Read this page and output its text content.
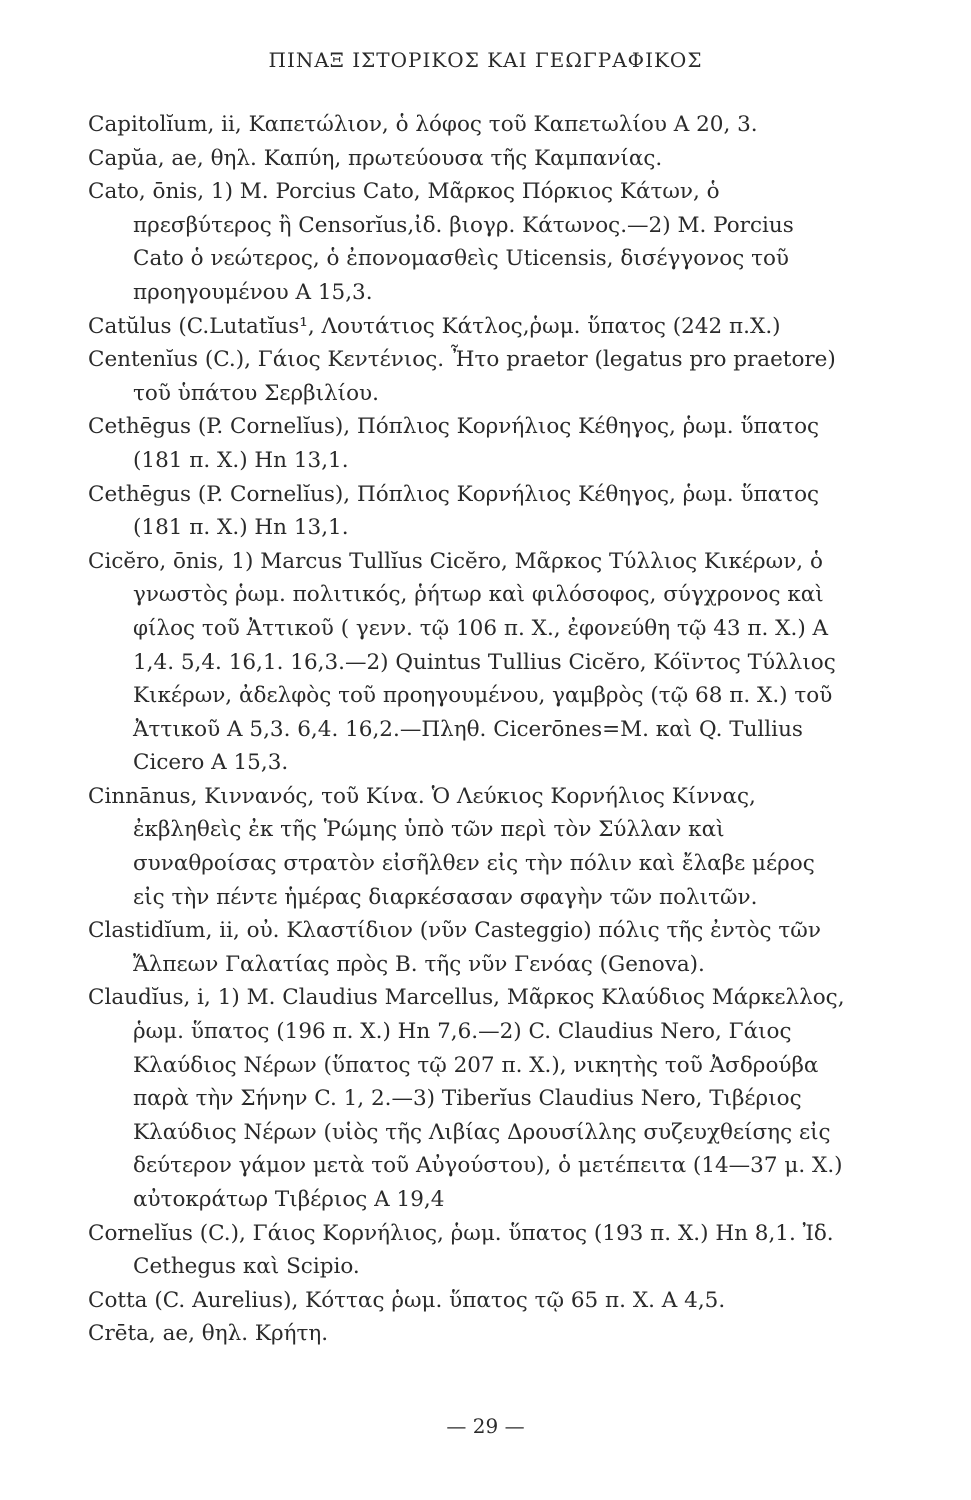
ΠΙΝΑΞ ΙΣΤΟΡΙΚΟΣ ΚΑΙ ΓΕΩΓΡΑΦΙΚΟΣ

Capitolĭum, ii, Καπετώλιον, ὁ λόφος τοῦ Καπετωλίου Α 20, 3.

Capŭa, ae, θηλ. Καπύη, πρωτεύουσα τῆς Καμπανίας.

Cato, ōnis, 1) M. Porcius Cato, Μᾶρκος Πόρκιος Κάτων, ὁ πρεσβύτερος ἢ Censorĭus,ἰδ. βιογρ. Κάτωνος.—2) M. Porcius Cato ὁ νεώτερος, ὁ ἐπονομασθεὶς Uticensis, δισέγγονος τοῦ προηγουμένου Α 15,3.

Catŭlus (C.Lutatĭus¹, Λουτάτιος Κάτλος,ῥωμ. ὕπατος (242 π.Χ.)

Centenĭus (C.), Γάιος Κεντένιος. Ἦτο praetor (legatus pro praetore) τοῦ ὑπάτου Σερβιλίου.

Cethēgus (P. Cornelĭus), Πόπλιος Κορνήλιος Κέθηγος, ῥωμ. ὕπατος (181 π. Χ.) Hn 13,1.

Cethēgus (P. Cornelĭus), Πόπλιος Κορνήλιος Κέθηγος, ῥωμ. ὕπατος (181 π. Χ.) Hn 13,1.

Cicĕro, ōnis, 1) Marcus Tullĭus Cicĕro, Μᾶρκος Τύλλιος Κικέρων, ὁ γνωστὸς ῥωμ. πολιτικός, ῥήτωρ καὶ φιλόσοφος, σύγχρονος καὶ φίλος τοῦ Ἀττικοῦ ( γενν. τῷ 106 π. Χ., ἐφονεύθη τῷ 43 π. Χ.) Α 1,4. 5,4. 16,1. 16,3.—2) Quintus Tullius Cicĕro, Κόϊντος Τύλλιος Κικέρων, ἀδελφὸς τοῦ προηγουμένου, γαμβρὸς (τῷ 68 π. Χ.) τοῦ Ἀττικοῦ Α 5,3. 6,4. 16,2.—Πληθ. Cicerōnes=M. καὶ Q. Tullius Cicero Α 15,3.

Cinnānus, Κιννανός, τοῦ Κίνα. Ὁ Λεύκιος Κορνήλιος Κίννας, ἐκβληθεὶς ἐκ τῆς Ῥώμης ὑπὸ τῶν περὶ τὸν Σύλλαν καὶ συναθροίσας στρατὸν εἰσῆλθεν εἰς τὴν πόλιν καὶ ἔλαβε μέρος εἰς τὴν πέντε ἡμέρας διαρκέσασαν σφαγὴν τῶν πολιτῶν.

Clastidĭum, ii, οὐ. Κλαστίδιον (νῦν Casteggio) πόλις τῆς ἐντὸς τῶν Ἄλπεων Γαλατίας πρὸς Β. τῆς νῦν Γενόας (Genova).

Claudĭus, i, 1) M. Claudius Marcellus, Μᾶρκος Κλαύδιος Μάρκελλος, ῥωμ. ὕπατος (196 π. Χ.) Hn 7,6.—2) C. Claudius Nero, Γάιος Κλαύδιος Νέρων (ὕπατος τῷ 207 π. Χ.), νικητὴς τοῦ Ἀσδρούβα παρὰ τὴν Σήνην C. 1, 2.—3) Tiberĭus Claudius Nero, Τιβέριος Κλαύδιος Νέρων (υἱὸς τῆς Λιβίας Δρουσίλλης συζευχθείσης εἰς δεύτερον γάμον μετὰ τοῦ Αὐγούστου), ὁ μετέπειτα (14—37 μ. Χ.) αὐτοκράτωρ Τιβέριος Α 19,4

Cornelĭus (C.), Γάιος Κορνήλιος, ῥωμ. ὕπατος (193 π. Χ.) Hn 8,1. Ἰδ. Cethegus καὶ Scipio.

Cotta (C. Aurelius), Κόττας ῥωμ. ὕπατος τῷ 65 π. Χ. Α 4,5.

Crēta, ae, θηλ. Κρήτη.

— 29 —
